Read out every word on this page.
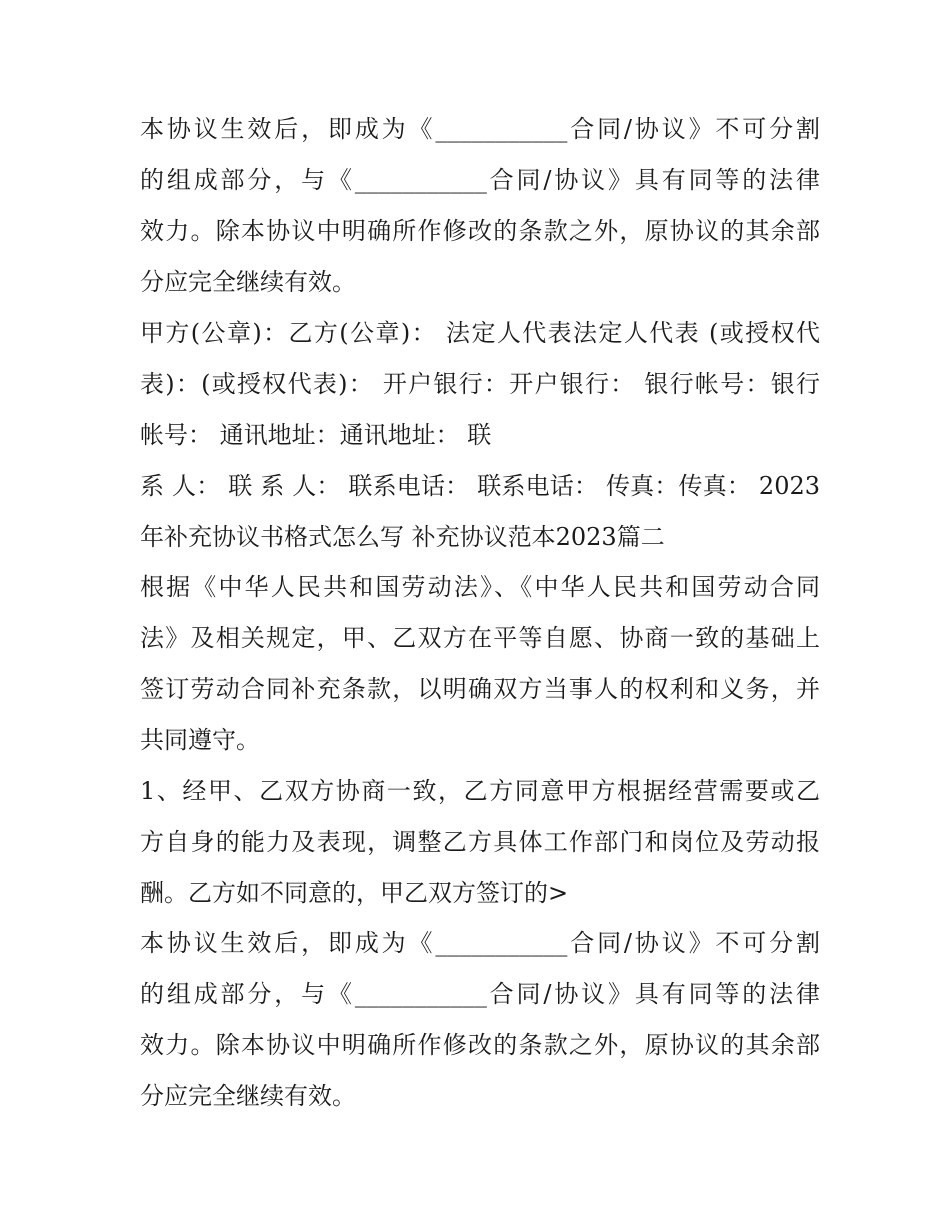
本协议生效后，即成为《___________合同/协议》不可分割
的组成部分，与《___________合同/协议》具有同等的法律
效力。除本协议中明确所作修改的条款之外，原协议的其余部
分应完全继续有效。
甲方(公章)：乙方(公章)： 法定人代表法定人代表 (或授权代
表)：(或授权代表)： 开户银行：开户银行： 银行帐号：银行
帐号： 通讯地址：通讯地址： 联
系 人： 联 系 人： 联系电话： 联系电话： 传真：传真： 2023
年补充协议书格式怎么写 补充协议范本2023篇二
根据《中华人民共和国劳动法》、《中华人民共和国劳动合同
法》及相关规定，甲、乙双方在平等自愿、协商一致的基础上
签订劳动合同补充条款，以明确双方当事人的权利和义务，并
共同遵守。
1、经甲、乙双方协商一致，乙方同意甲方根据经营需要或乙
方自身的能力及表现，调整乙方具体工作部门和岗位及劳动报
酬。乙方如不同意的，甲乙双方签订的>
本协议生效后，即成为《___________合同/协议》不可分割
的组成部分，与《___________合同/协议》具有同等的法律
效力。除本协议中明确所作修改的条款之外，原协议的其余部
分应完全继续有效。
